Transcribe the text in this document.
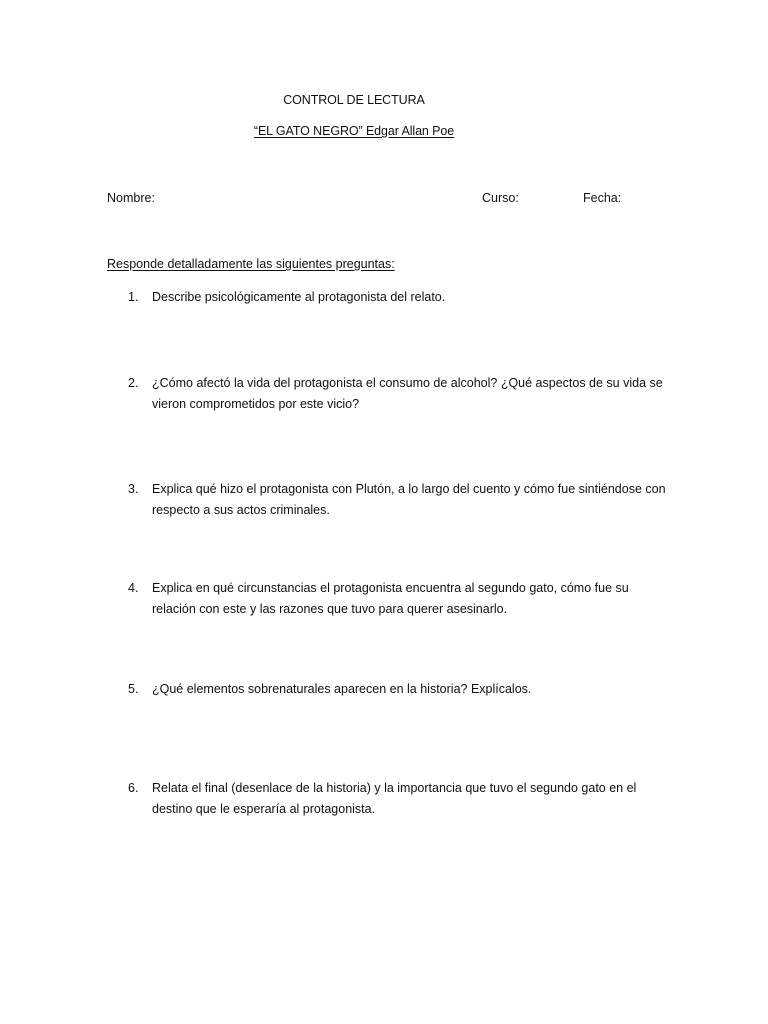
CONTROL DE LECTURA
“EL GATO NEGRO” Edgar Allan Poe
Nombre:	Curso:	Fecha:
Responde detalladamente las siguientes preguntas:
1.	Describe psicológicamente al protagonista del relato.
2.	¿Cómo afectó la vida del protagonista el consumo de alcohol? ¿Qué aspectos de su vida se vieron comprometidos por este vicio?
3.	Explica qué hizo el protagonista con Plutón, a lo largo del cuento y cómo fue sintiéndose con respecto a sus actos criminales.
4.	Explica en qué circunstancias el protagonista encuentra al segundo gato, cómo fue su relación con este y las razones que tuvo para querer asesinarlo.
5.	¿Qué elementos sobrenaturales aparecen en la historia? Explícalos.
6.	Relata el final (desenlace de la historia) y la importancia que tuvo el segundo gato en el destino que le esperaría al protagonista.
